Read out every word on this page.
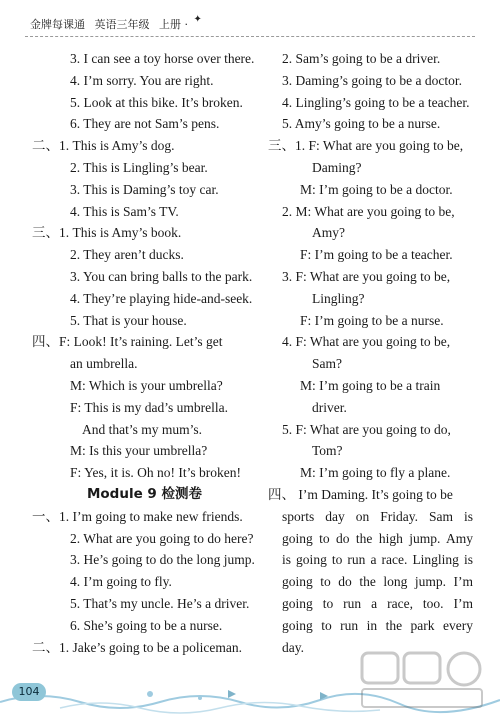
金牌每课通 英语三年级 上册 · ✦
3. I can see a toy horse over there.
4. I’m sorry. You are right.
5. Look at this bike. It’s broken.
6. They are not Sam’s pens.
二、1. This is Amy’s dog.
2. This is Lingling’s bear.
3. This is Daming’s toy car.
4. This is Sam’s TV.
三、1. This is Amy’s book.
2. They aren’t ducks.
3. You can bring balls to the park.
4. They’re playing hide-and-seek.
5. That is your house.
四、F: Look! It’s raining. Let’s get
an umbrella.
M: Which is your umbrella?
F: This is my dad’s umbrella.
And that’s my mum’s.
M: Is this your umbrella?
F: Yes, it is. Oh no! It’s broken!
Module 9 检测卷
一、1. I’m going to make new friends.
2. What are you going to do here?
3. He’s going to do the long jump.
4. I’m going to fly.
5. That’s my uncle. He’s a driver.
6. She’s going to be a nurse.
二、1. Jake’s going to be a policeman.
2. Sam’s going to be a driver.
3. Daming’s going to be a doctor.
4. Lingling’s going to be a teacher.
5. Amy’s going to be a nurse.
三、1. F: What are you going to be,
Daming?
M: I’m going to be a doctor.
2. M: What are you going to be,
Amy?
F: I’m going to be a teacher.
3. F: What are you going to be,
Lingling?
F: I’m going to be a nurse.
4. F: What are you going to be,
Sam?
M: I’m going to be a train
driver.
5. F: What are you going to do,
Tom?
M: I’m going to fly a plane.
四、 I’m Daming. It’s going to be
sports day on Friday. Sam is
going to do the high jump. Amy
is going to run a race. Lingling is
going to do the long jump. I’m
going to run a race, too. I’m
going to run in the park every
day.
104
